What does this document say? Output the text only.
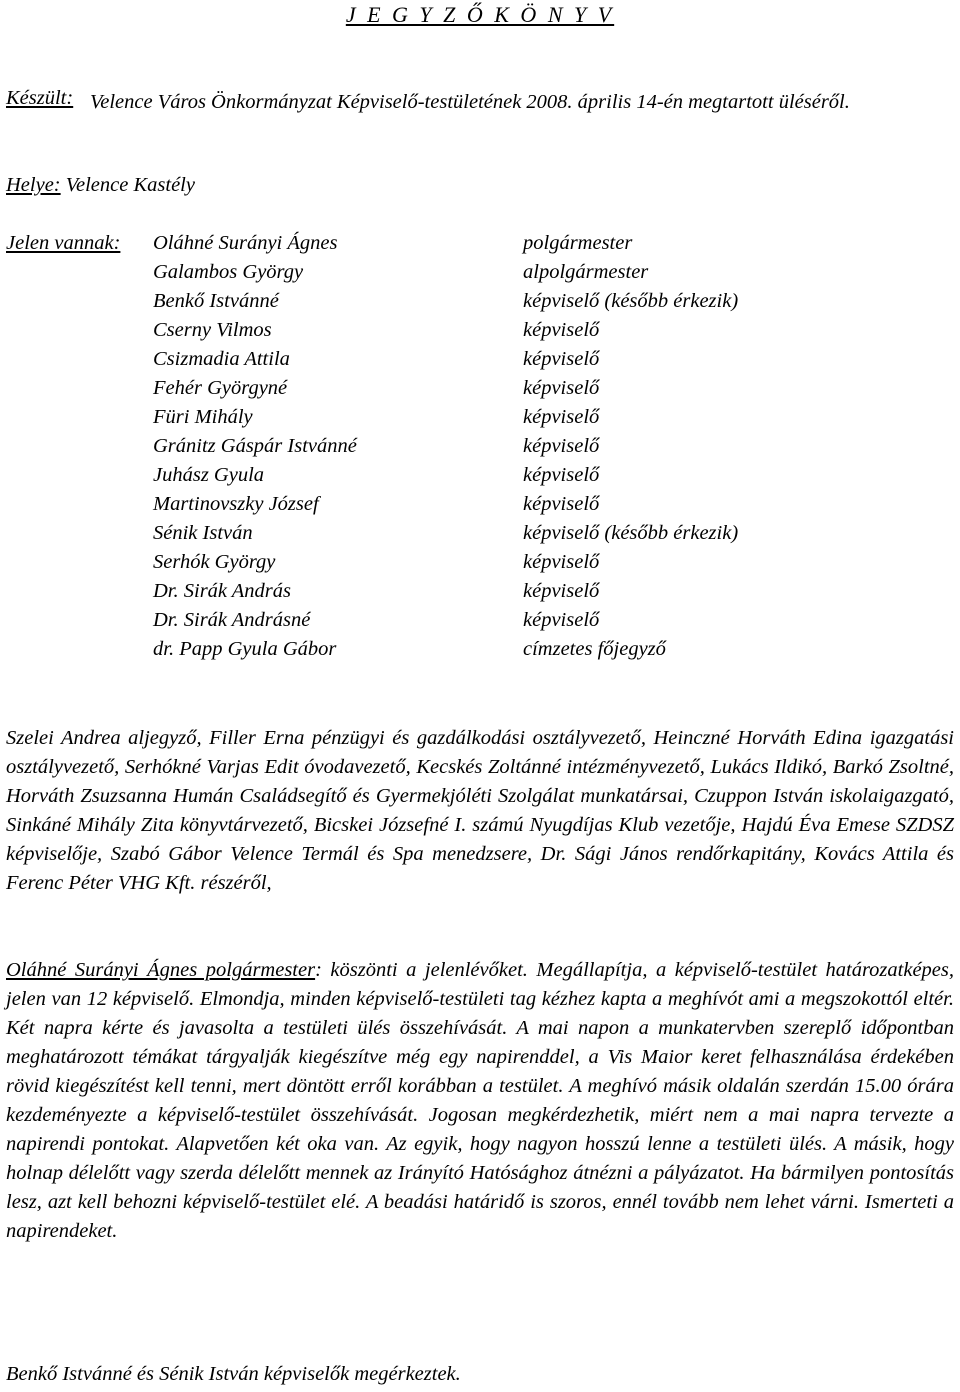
J E G Y Z Ő K Ö N Y V
Készült: Velence Város Önkormányzat Képviselő-testületének 2008. április 14-én megtartott üléséről.
Helye: Velence Kastély
Jelen vannak: Oláhné Surányi Ágnes	polgármester
Galambos György	alpolgármester
Benkő Istvánné	képviselő (később érkezik)
Cserny Vilmos	képviselő
Csizmadia Attila	képviselő
Fehér Györgyné	képviselő
Füri Mihály	képviselő
Gránitz Gáspár Istvánné	képviselő
Juhász Gyula	képviselő
Martinovszky József	képviselő
Sénik István	képviselő (később érkezik)
Serhók György	képviselő
Dr. Sirák András	képviselő
Dr. Sirák Andrásné	képviselő
dr. Papp Gyula Gábor	címzetes főjegyző
Szelei Andrea aljegyző, Filler Erna pénzügyi és gazdálkodási osztályvezető, Heinczné Horváth Edina igazgatási osztályvezető, Serhókné Varjas Edit óvodavezető, Kecskés Zoltánné intézményvezető, Lukács Ildikó, Barkó Zsoltné, Horváth Zsuzsanna Humán Családsegítő és Gyermekjóléti Szolgálat munkatársai, Czuppon István iskolaigazgató, Sinkáné Mihály Zita könyvtárvezető, Bicskei Józsefné I. számú Nyugdíjas Klub vezetője, Hajdú Éva Emese SZDSZ képviselője, Szabó Gábor Velence Termál és Spa menedzsere, Dr. Sági János rendőrkapitány, Kovács Attila és Ferenc Péter VHG Kft. részéről,
Oláhné Surányi Ágnes polgármester: köszönti a jelenlévőket. Megállapítja, a képviselő-testület határozatképes, jelen van 12 képviselő. Elmondja, minden képviselő-testületi tag kézhez kapta a meghívót ami a megszokottól eltér. Két napra kérte és javasolta a testületi ülés összehívását. A mai napon a munkatervben szereplő időpontban meghatározott témákat tárgyalják kiegészítve még egy napirenddel, a Vis Maior keret felhasználása érdekében rövid kiegészítést kell tenni, mert döntött erről korábban a testület. A meghívó másik oldalán szerdán 15.00 órára kezdeményezte a képviselő-testület összehívását. Jogosan megkérdezhetik, miért nem a mai napra tervezte a napirendi pontokat. Alapvetően két oka van. Az egyik, hogy nagyon hosszú lenne a testületi ülés. A másik, hogy holnap délelőtt vagy szerda délelőtt mennek az Irányító Hatósághoz átnézni a pályázatot. Ha bármilyen pontosítás lesz, azt kell behozni képviselő-testület elé. A beadási határidő is szoros, ennél tovább nem lehet várni. Ismerteti a napirendeket.
Benkő Istvánné és Sénik István képviselők megérkeztek.
